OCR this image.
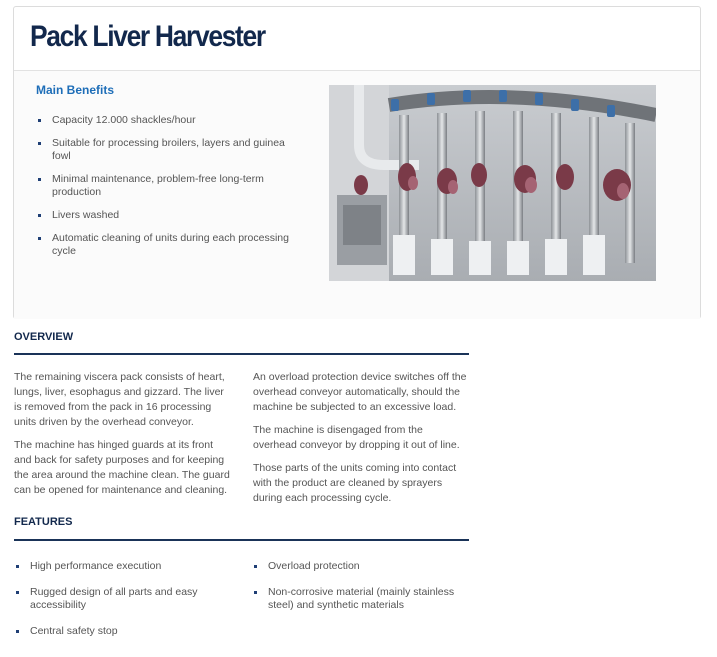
Pack Liver Harvester
Main Benefits
Capacity 12.000 shackles/hour
Suitable for processing broilers, layers and guinea fowl
Minimal maintenance, problem-free long-term production
Livers washed
Automatic cleaning of units during each processing cycle
OVERVIEW

The remaining viscera pack consists of heart, lungs, liver, esophagus and gizzard. The liver is removed from the pack in 16 processing units driven by the overhead conveyor.

The machine has hinged guards at its front and back for safety purposes and for keeping the area around the machine clean. The guard can be opened for maintenance and cleaning.

An overload protection device switches off the overhead conveyor automatically, should the machine be subjected to an excessive load.

The machine is disengaged from the overhead conveyor by dropping it out of line.

Those parts of the units coming into contact with the product are cleaned by sprayers during each processing cycle.

FEATURES
High performance execution
Rugged design of all parts and easy accessibility
Central safety stop
Overload protection
Non-corrosive material (mainly stainless steel) and synthetic materials
